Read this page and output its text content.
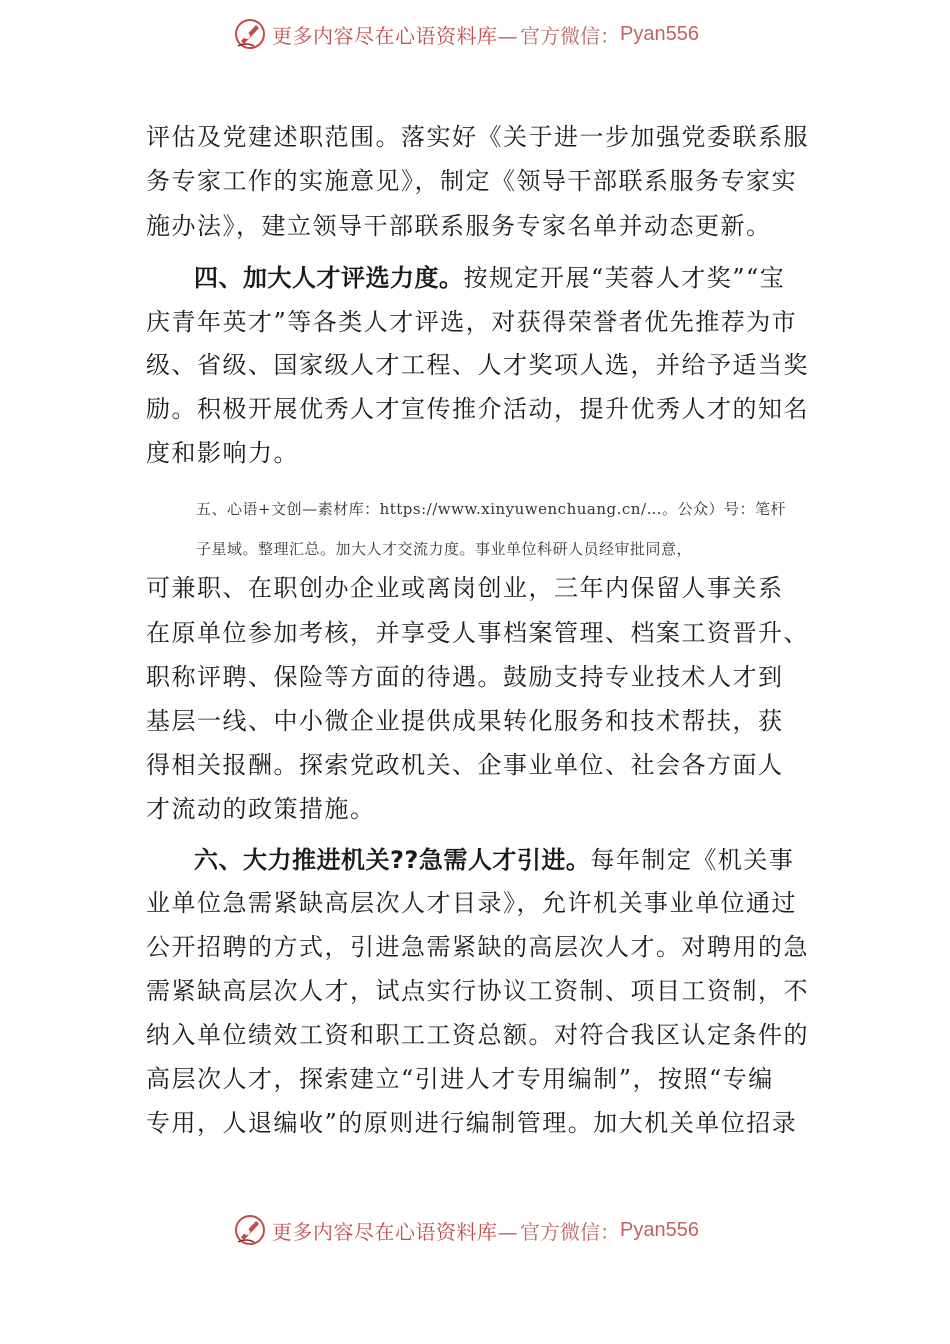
更多内容尽在心语资料库— 官方微信： Pyan556
评估及党建述职范围。落实好《关于进一步加强党委联系服
务专家工作的实施意见》，制定《领导干部联系服务专家实
施办法》，建立领导干部联系服务专家名单并动态更新。
四、加大人才评选力度。按规定开展“芙蓉人才奖”“宝
庆青年英才”等各类人才评选，对获得荣誉者优先推荐为市
级、省级、国家级人才工程、人才奖项人选，并给予适当奖
励。积极开展优秀人才宣传推介活动，提升优秀人才的知名
度和影响力。
五、心语+文创—素材库：https://www.xinyuwenchuang.cn/…。公众）号：笔杆
子星域。整理汇总。加大人才交流力度。事业单位科研人员经审批同意，
可兼职、在职创办企业或离岗创业，三年内保留人事关系
在原单位参加考核，并享受人事档案管理、档案工资晋升、
职称评聘、保险等方面的待遇。鼓励支持专业技术人才到
基层一线、中小微企业提供成果转化服务和技术帮扶，获
得相关报酬。探索党政机关、企事业单位、社会各方面人
才流动的政策措施。
六、大力推进机关??急需人才引进。每年制定《机关事
业单位急需紧缺高层次人才目录》，允许机关事业单位通过
公开招聘的方式，引进急需紧缺的高层次人才。对聘用的急
需紧缺高层次人才，试点实行协议工资制、项目工资制，不
纳入单位绩效工资和职工工资总额。对符合我区认定条件的
高层次人才，探索建立“引进人才专用编制”，按照“专编
专用，人退编收”的原则进行编制管理。加大机关单位招录
更多内容尽在心语资料库— 官方微信： Pyan556
